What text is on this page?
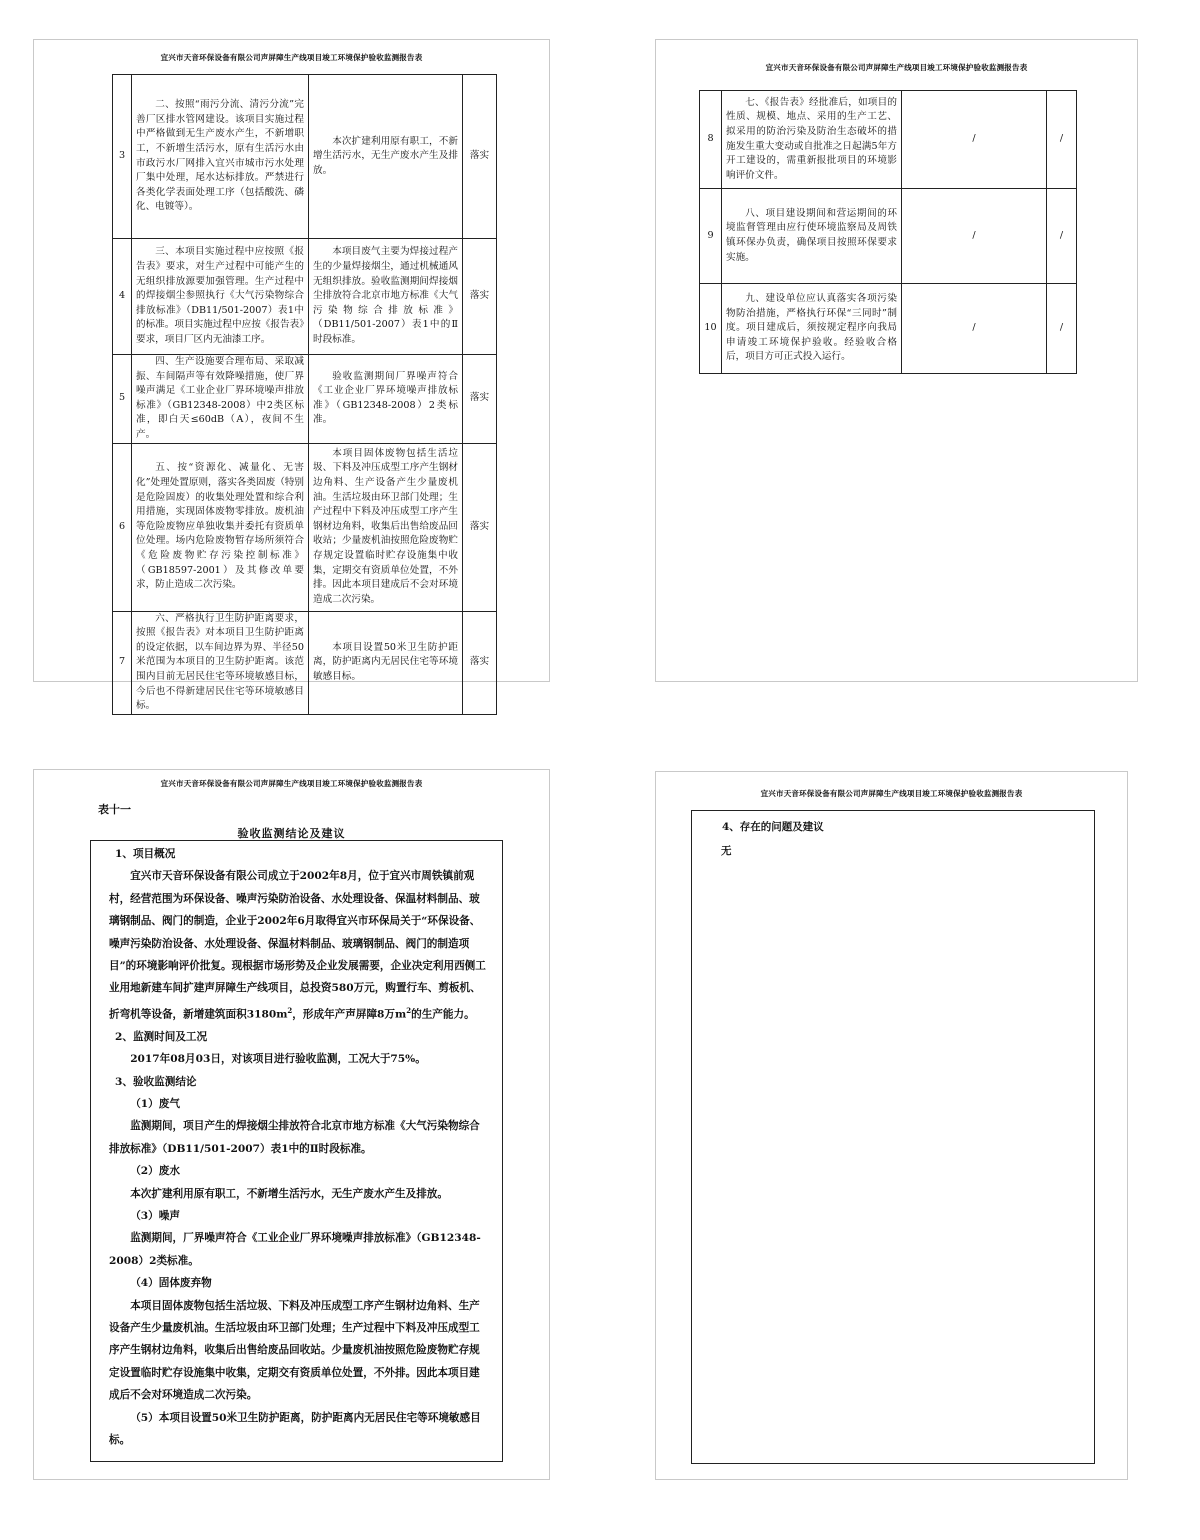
宜兴市天音环保设备有限公司声屏障生产线项目竣工环境保护验收监测报告表
3	二、按照“雨污分流、清污分流”完善厂区排水管网建设。该项目实施过程中严格做到无生产废水产生，不新增职工，不新增生活污水，原有生活污水由市政污水厂网排入宜兴市城市污水处理厂集中处理，尾水达标排放。严禁进行各类化学表面处理工序（包括酸洗、磷化、电镀等）。	本次扩建利用原有职工，不新增生活污水，无生产废水产生及排放。	落实
4	三、本项目实施过程中应按照《报告表》要求，对生产过程中可能产生的无组织排放源要加强管理。生产过程中的焊接烟尘参照执行《大气污染物综合排放标准》（DB11/501-2007）表1中的标准。项目实施过程中应按《报告表》要求，项目厂区内无油漆工序。	本项目废气主要为焊接过程产生的少量焊接烟尘，通过机械通风无组织排放。验收监测期间焊接烟尘排放符合北京市地方标准《大气污染物综合排放标准》（DB11/501-2007）表1中的Ⅱ时段标准。	落实
5	四、生产设施要合理布局、采取减振、车间隔声等有效降噪措施，使厂界噪声满足《工业企业厂界环境噪声排放标准》（GB12348-2008）中2类区标准，即白天≤60dB（A），夜间不生产。	验收监测期间厂界噪声符合《工业企业厂界环境噪声排放标准》（GB12348-2008）2类标准。	落实
6	五、按“资源化、减量化、无害化”处理处置原则，落实各类固废（特别是危险固废）的收集处理处置和综合利用措施，实现固体废物零排放。废机油等危险废物应单独收集并委托有资质单位处理。场内危险废物暂存场所须符合《危险废物贮存污染控制标准》（GB18597-2001）及其修改单要求，防止造成二次污染。	本项目固体废物包括生活垃圾、下料及冲压成型工序产生钢材边角料、生产设备产生少量废机油。生活垃圾由环卫部门处理；生产过程中下料及冲压成型工序产生钢材边角料，收集后出售给废品回收站；少量废机油按照危险废物贮存规定设置临时贮存设施集中收集，定期交有资质单位处置，不外排。因此本项目建成后不会对环境造成二次污染。	落实
7	六、严格执行卫生防护距离要求，按照《报告表》对本项目卫生防护距离的设定依据，以车间边界为界、半径50米范围为本项目的卫生防护距离。该范围内目前无居民住宅等环境敏感目标，今后也不得新建居民住宅等环境敏感目标。	本项目设置50米卫生防护距离，防护距离内无居民住宅等环境敏感目标。	落实
宜兴市天音环保设备有限公司声屏障生产线项目竣工环境保护验收监测报告表
8	七、《报告表》经批准后，如项目的性质、规模、地点、采用的生产工艺、拟采用的防治污染及防治生态破坏的措施发生重大变动或自批准之日起满5年方开工建设的，需重新报批项目的环境影响评价文件。	/	/
9	八、项目建设期间和营运期间的环境监督管理由应行使环境监察局及周铁镇环保办负责，确保项目按照环保要求实施。	/	/
10	九、建设单位应认真落实各项污染物防治措施，严格执行环保“三同时”制度。项目建成后，须按规定程序向我局申请竣工环境保护验收。经验收合格后，项目方可正式投入运行。	/	/
宜兴市天音环保设备有限公司声屏障生产线项目竣工环境保护验收监测报告表
表十一
验收监测结论及建议

1、项目概况

宜兴市天音环保设备有限公司成立于2002年8月，位于宜兴市周铁镇前观村，经营范围为环保设备、噪声污染防治设备、水处理设备、保温材料制品、玻璃钢制品、阀门的制造，企业于2002年6月取得宜兴市环保局关于“环保设备、噪声污染防治设备、水处理设备、保温材料制品、玻璃钢制品、阀门的制造项目”的环境影响评价批复。现根据市场形势及企业发展需要，企业决定利用西侧工业用地新建车间扩建声屏障生产线项目，总投资580万元，购置行车、剪板机、折弯机等设备，新增建筑面积$3180m^2$，形成年产声屏障8万$m^2$的生产能力。

2、监测时间及工况

2017年08月03日，对该项目进行验收监测，工况大于75%。

3、验收监测结论

（1）废气

监测期间，项目产生的焊接烟尘排放符合北京市地方标准《大气污染物综合排放标准》（DB11/501-2007）表1中的Ⅱ时段标准。

（2）废水

本次扩建利用原有职工，不新增生活污水，无生产废水产生及排放。

（3）噪声

监测期间，厂界噪声符合《工业企业厂界环境噪声排放标准》（GB12348-2008）2类标准。

（4）固体废弃物

本项目固体废物包括生活垃圾、下料及冲压成型工序产生钢材边角料、生产设备产生少量废机油。生活垃圾由环卫部门处理；生产过程中下料及冲压成型工序产生钢材边角料，收集后出售给废品回收站。少量废机油按照危险废物贮存规定设置临时贮存设施集中收集，定期交有资质单位处置，不外排。因此本项目建成后不会对环境造成二次污染。

（5）本项目设置50米卫生防护距离，防护距离内无居民住宅等环境敏感目标。

宜兴市天音环保设备有限公司声屏障生产线项目竣工环境保护验收监测报告表
4、存在的问题及建议
无
